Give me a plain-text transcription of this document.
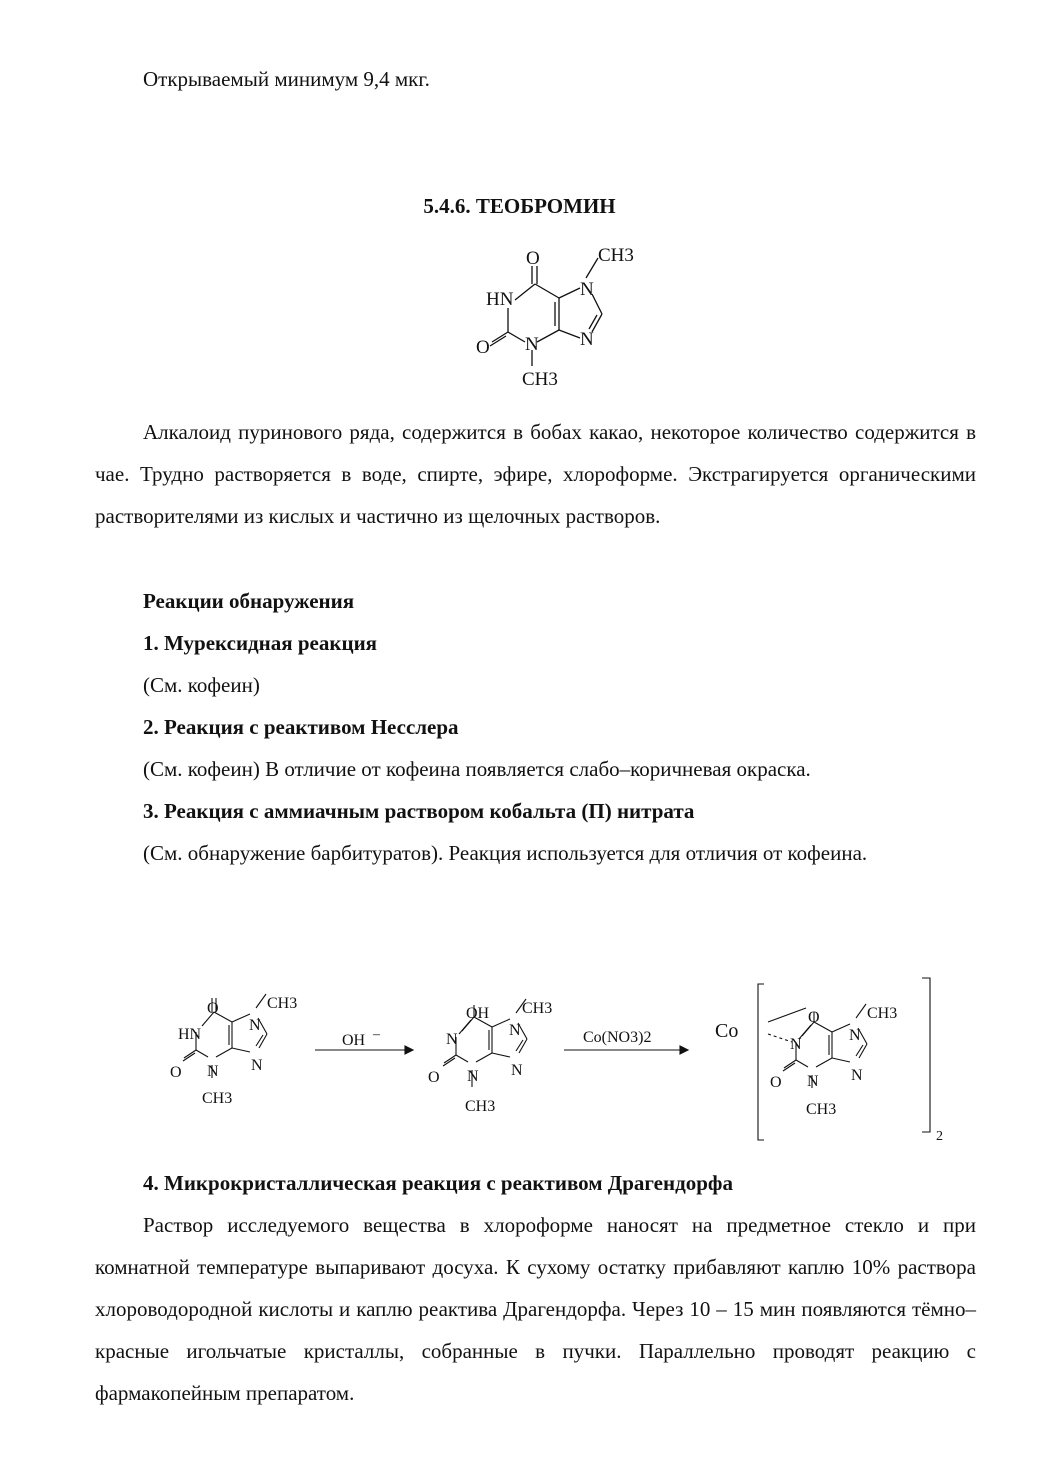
Открываемый минимум 9,4 мкг.
5.4.6. ТЕОБРОМИН
O	CH3
HN	N
O	N
N
CH3
Алкалоид пуринового ряда, содержится в бобах какао, некоторое количество содержится в чае. Трудно растворяется в воде, спирте, эфире, хлороформе. Экстрагируется органическими растворителями из кислых и частично из щелочных растворов.
Реакции обнаружения
1. Мурексидная реакция
(См. кофеин)
2. Реакция с реактивом Несслера
(См. кофеин) В отличие от кофеина появляется слабо–коричневая окраска.
3. Реакция с аммиачным раствором кобальта (П) нитрата
(См. обнаружение барбитуратов). Реакция используется для отличия от кофеина.
O	CH3
HN
N
O	N
N
CH3
OH –	Co(NO3)2
OH CH3
N
N
O	N
N
CH3
Co
O	CH3
N
N
O	N
N
CH3
2
4. Микрокристаллическая реакция с реактивом Драгендорфа
Раствор исследуемого вещества в хлороформе наносят на предметное стекло и при комнатной температуре выпаривают досуха. К сухому остатку прибавляют каплю 10% раствора хлороводородной кислоты и каплю реактива Драгендорфа. Через 10 – 15 мин появляются тёмно–красные игольчатые кристаллы, собранные в пучки. Параллельно проводят реакцию с фармакопейным препаратом.
